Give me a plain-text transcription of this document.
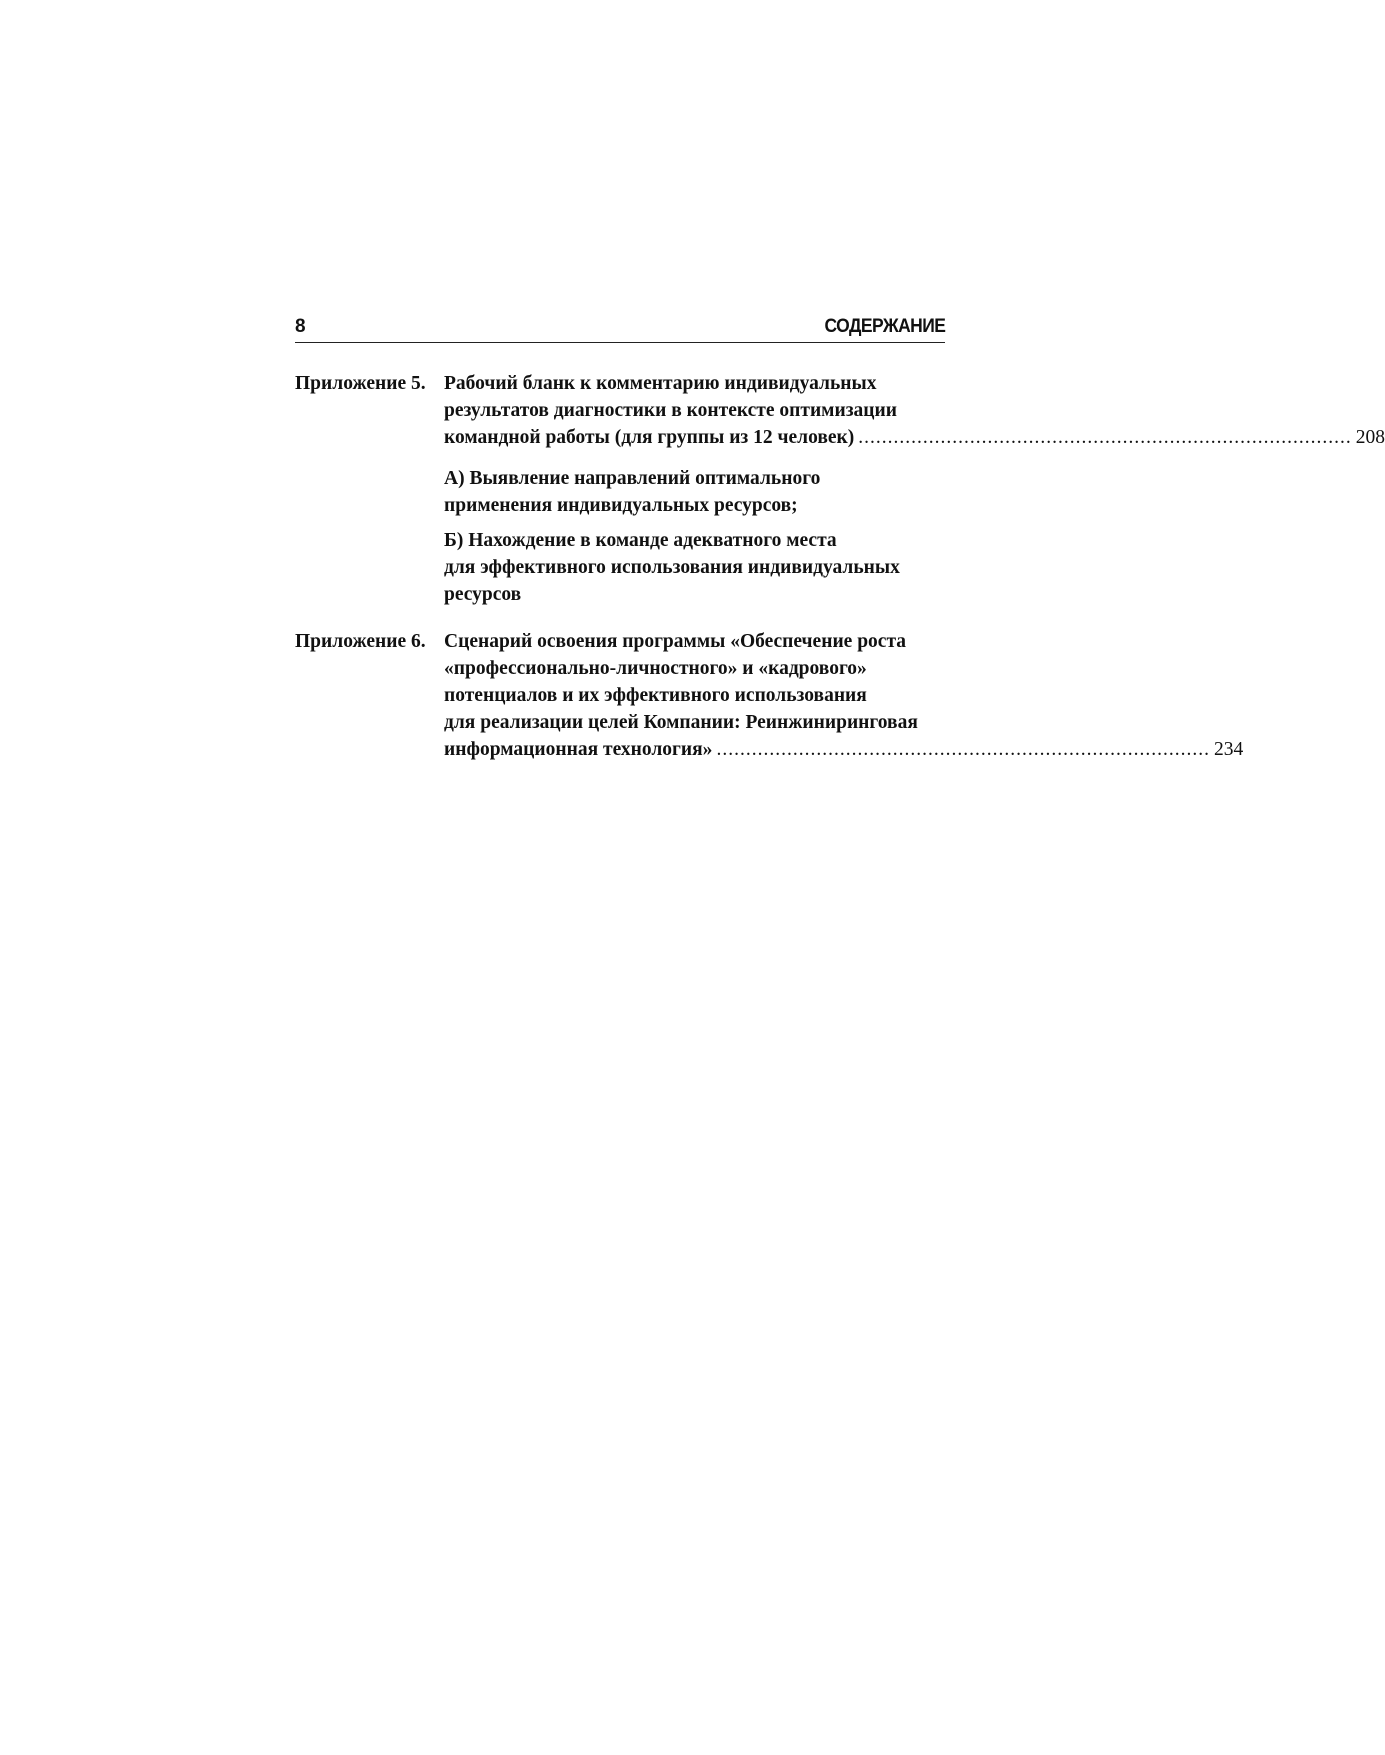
8	СОДЕРЖАНИЕ
Приложение 5. Рабочий бланк к комментарию индивидуальных
результатов диагностики в контексте оптимизации
командной работы (для группы из 12 человек) .................................................................................... 208
А) Выявление направлений оптимального
применения индивидуальных ресурсов;
Б) Нахождение в команде адекватного места
для эффективного использования индивидуальных
ресурсов
Приложение 6. Сценарий освоения программы «Обеспечение роста
«профессионально-личностного» и «кадрового»
потенциалов и их эффективного использования
для реализации целей Компании: Реинжиниринговая
информационная технология» .................................................................................... 234
